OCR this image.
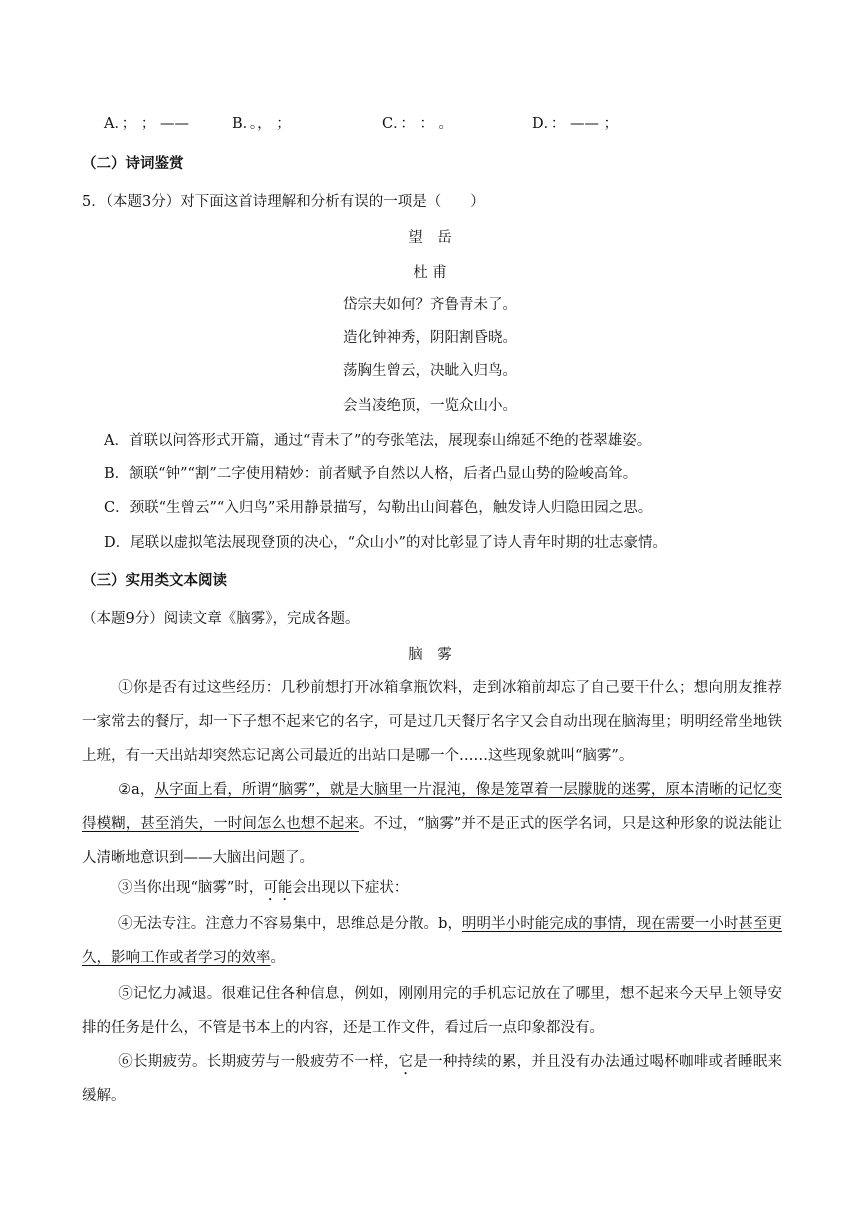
A．； ； ——	B．。， ；	C．： ： 。	D．： —— ；
（二）诗词鉴赏
5．（本题3分）对下面这首诗理解和分析有误的一项是（　　）
望　岳
杜 甫
岱宗夫如何？齐鲁青未了。
造化钟神秀，阴阳割昏晓。
荡胸生曾云，决眦入归鸟。
会当凌绝顶，一览众山小。
A．首联以问答形式开篇，通过“青未了”的夸张笔法，展现泰山绵延不绝的苍翠雄姿。
B．颔联“钟”“割”二字使用精妙：前者赋予自然以人格，后者凸显山势的险峻高耸。
C．颈联“生曾云”“入归鸟”采用静景描写，勾勒出山间暮色，触发诗人归隐田园之思。
D．尾联以虚拟笔法展现登顶的决心，“众山小”的对比彰显了诗人青年时期的壮志豪情。
（三）实用类文本阅读
（本题9分）阅读文章《脑雾》，完成各题。
脑　雾
①你是否有过这些经历：几秒前想打开冰箱拿瓶饮料，走到冰箱前却忘了自己要干什么；想向朋友推荐一家常去的餐厅，却一下子想不起来它的名字，可是过几天餐厅名字又会自动出现在脑海里；明明经常坐地铁上班，有一天出站却突然忘记离公司最近的出站口是哪一个……这些现象就叫“脑雾”。
②a，从字面上看，所谓“脑雾”，就是大脑里一片混沌，像是笼罩着一层朦胧的迷雾，原本清晰的记忆变得模糊，甚至消失，一时间怎么也想不起来。不过，“脑雾”并不是正式的医学名词，只是这种形象的说法能让人清晰地意识到——大脑出问题了。
③当你出现“脑雾”时，可能会出现以下症状：
④无法专注。注意力不容易集中，思维总是分散。b，明明半小时能完成的事情，现在需要一小时甚至更久，影响工作或者学习的效率。
⑤记忆力减退。很难记住各种信息，例如，刚刚用完的手机忘记放在了哪里，想不起来今天早上领导安排的任务是什么，不管是书本上的内容，还是工作文件，看过后一点印象都没有。
⑥长期疲劳。长期疲劳与一般疲劳不一样，它是一种持续的累，并且没有办法通过喝杯咖啡或者睡眠来缓解。
